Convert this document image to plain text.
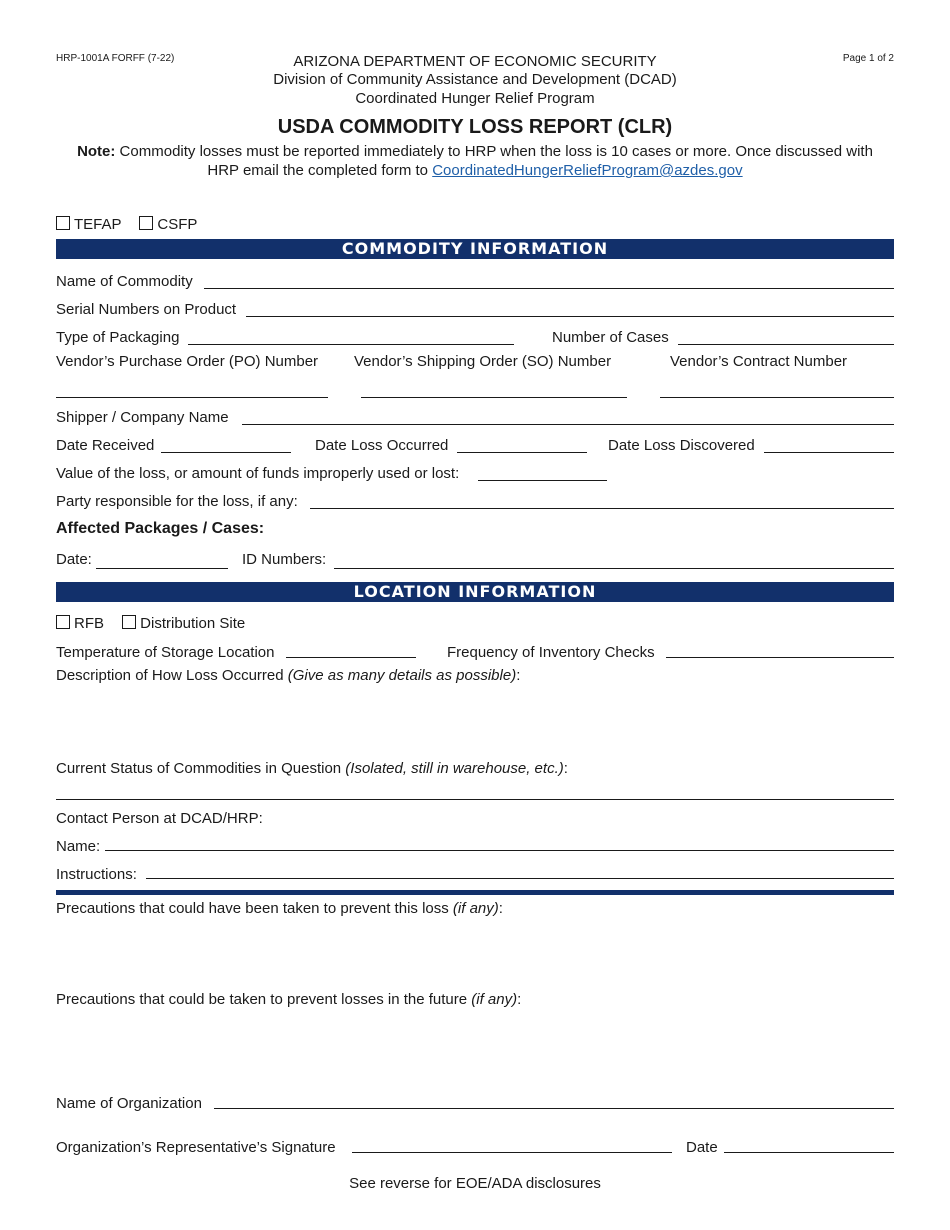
HRP-1001A FORFF (7-22)	Page 1 of 2
ARIZONA DEPARTMENT OF ECONOMIC SECURITY
Division of Community Assistance and Development (DCAD)
Coordinated Hunger Relief Program
USDA COMMODITY LOSS REPORT (CLR)
Note: Commodity losses must be reported immediately to HRP when the loss is 10 cases or more. Once discussed with
HRP email the completed form to CoordinatedHungerReliefProgram@azdes.gov
TEFAP CSFP
COMMODITY INFORMATION
Name of Commodity
Serial Numbers on Product
Type of Packaging	Number of Cases
Vendor’s Purchase Order (PO) Number Vendor’s Shipping Order (SO) Number	Vendor’s Contract Number
Shipper / Company Name
Date Received	Date Loss Occurred	Date Loss Discovered
Value of the loss, or amount of funds improperly used or lost:
Party responsible for the loss, if any:
Affected Packages / Cases:
Date:	ID Numbers:
LOCATION INFORMATION
RFB Distribution Site
Temperature of Storage Location	Frequency of Inventory Checks
Description of How Loss Occurred (Give as many details as possible):
Current Status of Commodities in Question (Isolated, still in warehouse, etc.):
Contact Person at DCAD/HRP:
Name:
Instructions:
Precautions that could have been taken to prevent this loss (if any):
Precautions that could be taken to prevent losses in the future (if any):
Name of Organization
Organization’s Representative’s Signature	Date
See reverse for EOE/ADA disclosures
